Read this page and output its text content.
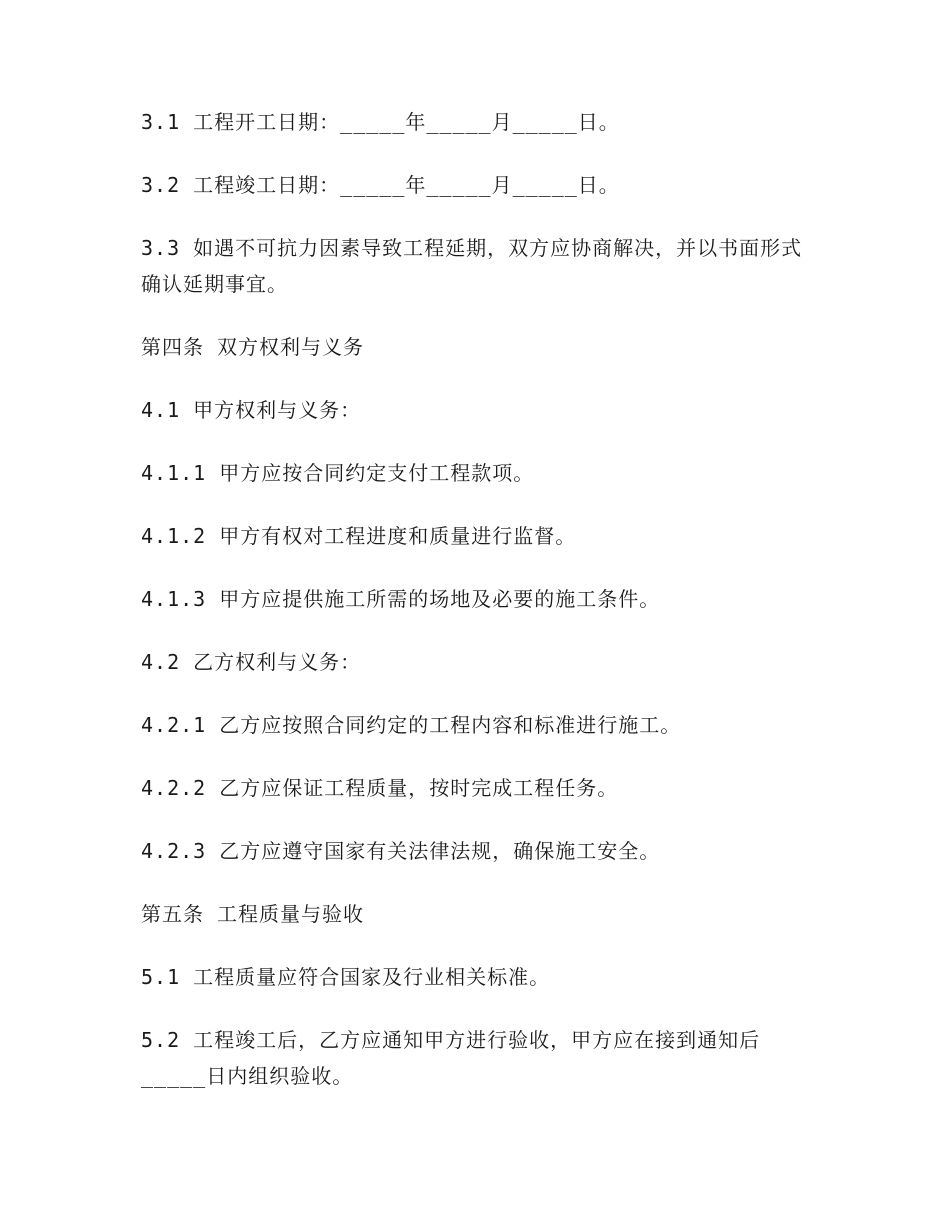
3.1 工程开工日期：_____年_____月_____日。

3.2 工程竣工日期：_____年_____月_____日。

3.3 如遇不可抗力因素导致工程延期，双方应协商解决，并以书面形式确认延期事宜。

第四条 双方权利与义务

4.1 甲方权利与义务：

4.1.1 甲方应按合同约定支付工程款项。

4.1.2 甲方有权对工程进度和质量进行监督。

4.1.3 甲方应提供施工所需的场地及必要的施工条件。

4.2 乙方权利与义务：

4.2.1 乙方应按照合同约定的工程内容和标准进行施工。

4.2.2 乙方应保证工程质量，按时完成工程任务。

4.2.3 乙方应遵守国家有关法律法规，确保施工安全。

第五条 工程质量与验收

5.1 工程质量应符合国家及行业相关标准。

5.2 工程竣工后，乙方应通知甲方进行验收，甲方应在接到通知后_____日内组织验收。
